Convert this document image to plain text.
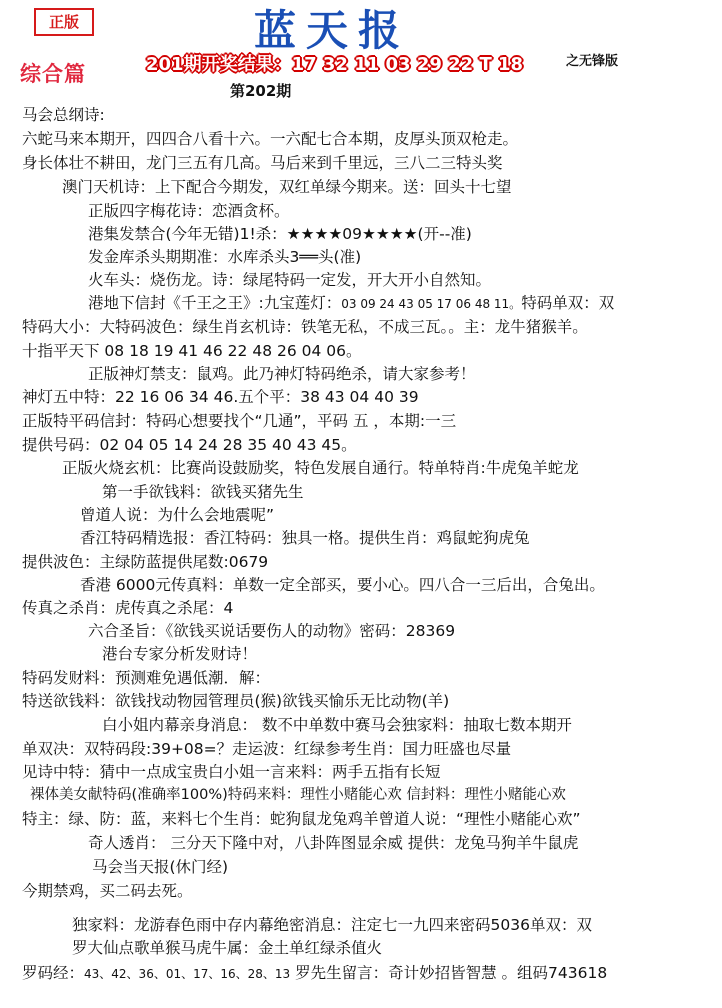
正版	蓝天报
201期开奖结果：17 32 11 03 29 22 T 18	之无锋版
综合篇
第202期
马会总纲诗:
六蛇马来本期开，四四合八看十六。一六配七合本期，皮厚头顶双枪走。
身长体壮不耕田，龙门三五有几高。马后来到千里远，三八二三特头奖
澳门天机诗：上下配合今期发，双红单绿今期来。送：回头十七望
正版四字梅花诗：恋酒贪杯。
港集发禁合(今年无错)1!杀：★★★★09★★★★(开--准)
发金库杀头期期准：水库杀头3══头(准)
火车头：烧伤龙。诗：绿尾特码一定发，开大开小自然知。
港地下信封《千王之王》:九宝莲灯：03 09 24 43 05 17 06 48 11。特码单双：双
特码大小：大特码波色：绿生肖玄机诗：铁笔无私，不成三瓦。。主：龙牛猪猴羊。
十指平天下 08 18 19 41 46 22 48 26 04 06。
正版神灯禁支：鼠鸡。此乃神灯特码绝杀，请大家参考！
神灯五中特：22 16 06 34 46.五个平：38 43 04 40 39
正版特平码信封：特码心想要找个“几通”，平码 五 ，本期:一三
提供号码：02 04 05 14 24 28 35 40 43 45。
正版火烧玄机：比赛尚设鼓励奖，特色发展自通行。特单特肖:牛虎兔羊蛇龙
第一手欲钱料：欲钱买猪先生
曾道人说：为什么会地震呢”
香江特码精选报：香江特码：独具一格。提供生肖：鸡鼠蛇狗虎兔
提供波色：主绿防蓝提供尾数:0679
香港 6000元传真料：单数一定全部买，要小心。四八合一三后出，合兔出。
传真之杀肖：虎传真之杀尾：4
六合圣旨：《欲钱买说话要伤人的动物》密码：28369
港台专家分析发财诗！
特码发财料：预测难免遇低潮．解：
特送欲钱料：欲钱找动物园管理员(猴)欲钱买愉乐无比动物(羊)
白小姐内幕亲身消息： 数不中单数中赛马会独家料：抽取七数本期开
单双决：双特码段:39+08=？走运波：红绿参考生肖：国力旺盛也尽量
见诗中特：猜中一点成宝贵白小姐一言来料：两手五指有长短
裸体美女献特码(准确率100%)特码来料：理性小赌能心欢 信封料：理性小赌能心欢
特主：绿、防：蓝，来料七个生肖：蛇狗鼠龙兔鸡羊曾道人说：“理性小赌能心欢”
奇人透肖： 三分天下隆中对，八卦阵图显余威 提供：龙兔马狗羊牛鼠虎
马会当天报(休门经)
今期禁鸡，买二码去死。
独家料：龙游春色雨中存内幕绝密消息：注定七一九四来密码5036单双：双
罗大仙点歌单猴马虎牛属：金土单红绿杀值火
罗码经：43、42、36、01、17、16、28、13 罗先生留言：奇计妙招皆智慧 。组码743618
